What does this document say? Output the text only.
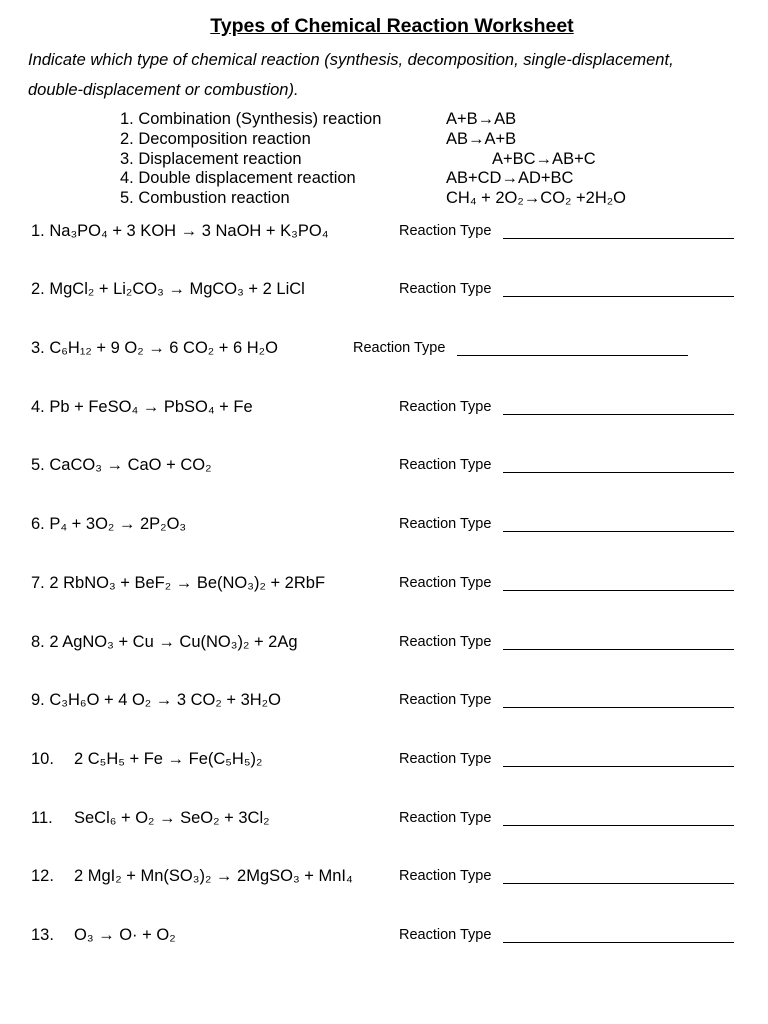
Types of Chemical Reaction Worksheet
Indicate which type of chemical reaction (synthesis, decomposition, single-displacement,
double-displacement or combustion).
1. Combination (Synthesis) reaction	A+B→AB
2. Decomposition reaction	AB→A+B
3. Displacement reaction	A+BC→AB+C
4. Double displacement reaction	AB+CD→AD+BC
5. Combustion reaction	CH₄ + 2O₂→CO₂ +2H₂O
1. Na₃PO₄ + 3 KOH → 3 NaOH + K₃PO₄	Reaction Type
2. MgCl₂ + Li₂CO₃ → MgCO₃ + 2 LiCl	Reaction Type
3. C₆H₁₂ + 9 O₂ → 6 CO₂ + 6 H₂O	Reaction Type
4. Pb + FeSO₄ → PbSO₄ + Fe	Reaction Type
5. CaCO₃ → CaO + CO₂	Reaction Type
6. P₄ + 3O₂ → 2P₂O₃	Reaction Type
7. 2 RbNO₃ + BeF₂ → Be(NO₃)₂ + 2RbF	Reaction Type
8. 2 AgNO₃ + Cu → Cu(NO₃)₂ + 2Ag	Reaction Type
9. C₃H₆O + 4 O₂ → 3 CO₂ + 3H₂O	Reaction Type
10. 2 C₅H₅ + Fe → Fe(C₅H₅)₂	Reaction Type
11. SeCl₆ + O₂ → SeO₂ + 3Cl₂	Reaction Type
12. 2 MgI₂ + Mn(SO₃)₂ → 2MgSO₃ + MnI₄	Reaction Type
13. O₃ → O· + O₂	Reaction Type
